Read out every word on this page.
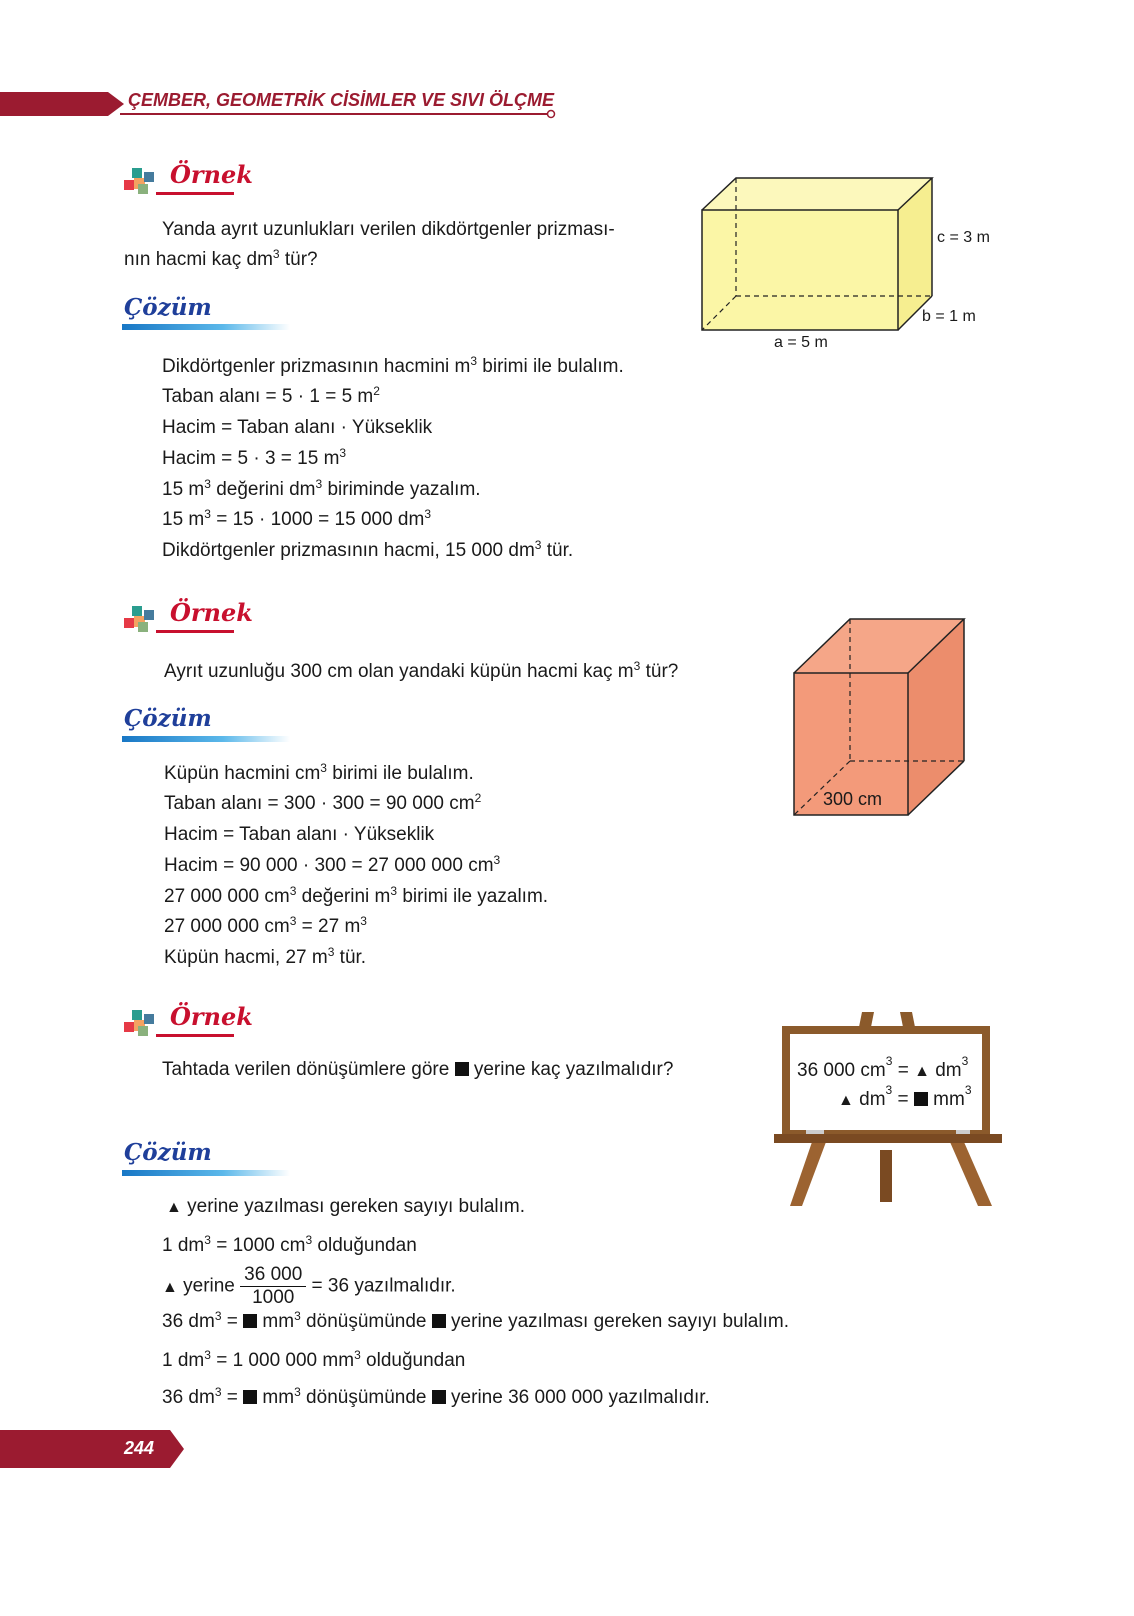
ÇEMBER, GEOMETRİK CİSİMLER VE SIVI ÖLÇME
Örnek
Yanda ayrıt uzunlukları verilen dikdörtgenler prizması-
nın hacmi kaç $dm^3$ tür?
Çözüm
Dikdörtgenler prizmasının hacmini $m^3$ birimi ile bulalım.
Taban alanı = 5 · 1 = 5 $m^2$
Hacim = Taban alanı · Yükseklik
Hacim = 5 · 3 = 15 $m^3$
15 $m^3$ değerini $dm^3$ biriminde yazalım.
15 $m^3 = 15 \cdot 1000 = 15$ 000 $dm^3$
Dikdörtgenler prizmasının hacmi, 15 000 $dm^3$ tür.
c = 3 m
b = 1 m
a = 5 m
Örnek
Ayrıt uzunluğu 300 cm olan yandaki küpün hacmi kaç $m^3$ tür?
Çözüm
Küpün hacmini $cm^3$ birimi ile bulalım.
Taban alanı = 300 · 300 = 90 000 $cm^2$
Hacim = Taban alanı · Yükseklik
Hacim = 90 000 · 300 = 27 000 000 $cm^3$
27 000 000 $cm^3$ değerini $m^3$ birimi ile yazalım.
27 000 000 $cm^3 = 27$ $m^3$
Küpün hacmi, 27 $m^3$ tür.
300 cm
Örnek
Tahtada verilen dönüşümlere göre  yerine kaç yazılmalıdır?
Çözüm
▲ yerine yazılması gereken sayıyı bulalım.
1 $dm^3 = 1000$ $cm^3$ olduğundan
▲ yerine $\frac{36 000}{1000} = 36$ yazılmalıdır.
36 $dm^3 = mm^3$ dönüşümünde  yerine yazılması gereken sayıyı bulalım.
1 $dm^3 = 1$ 000 000 $mm^3$ olduğundan
36 $dm^3 = mm^3$ dönüşümünde  yerine 36 000 000 yazılmalıdır.
36 000 $cm^3$ = ▲ $dm^3$
▲ $dm^3 = mm^3$
244
